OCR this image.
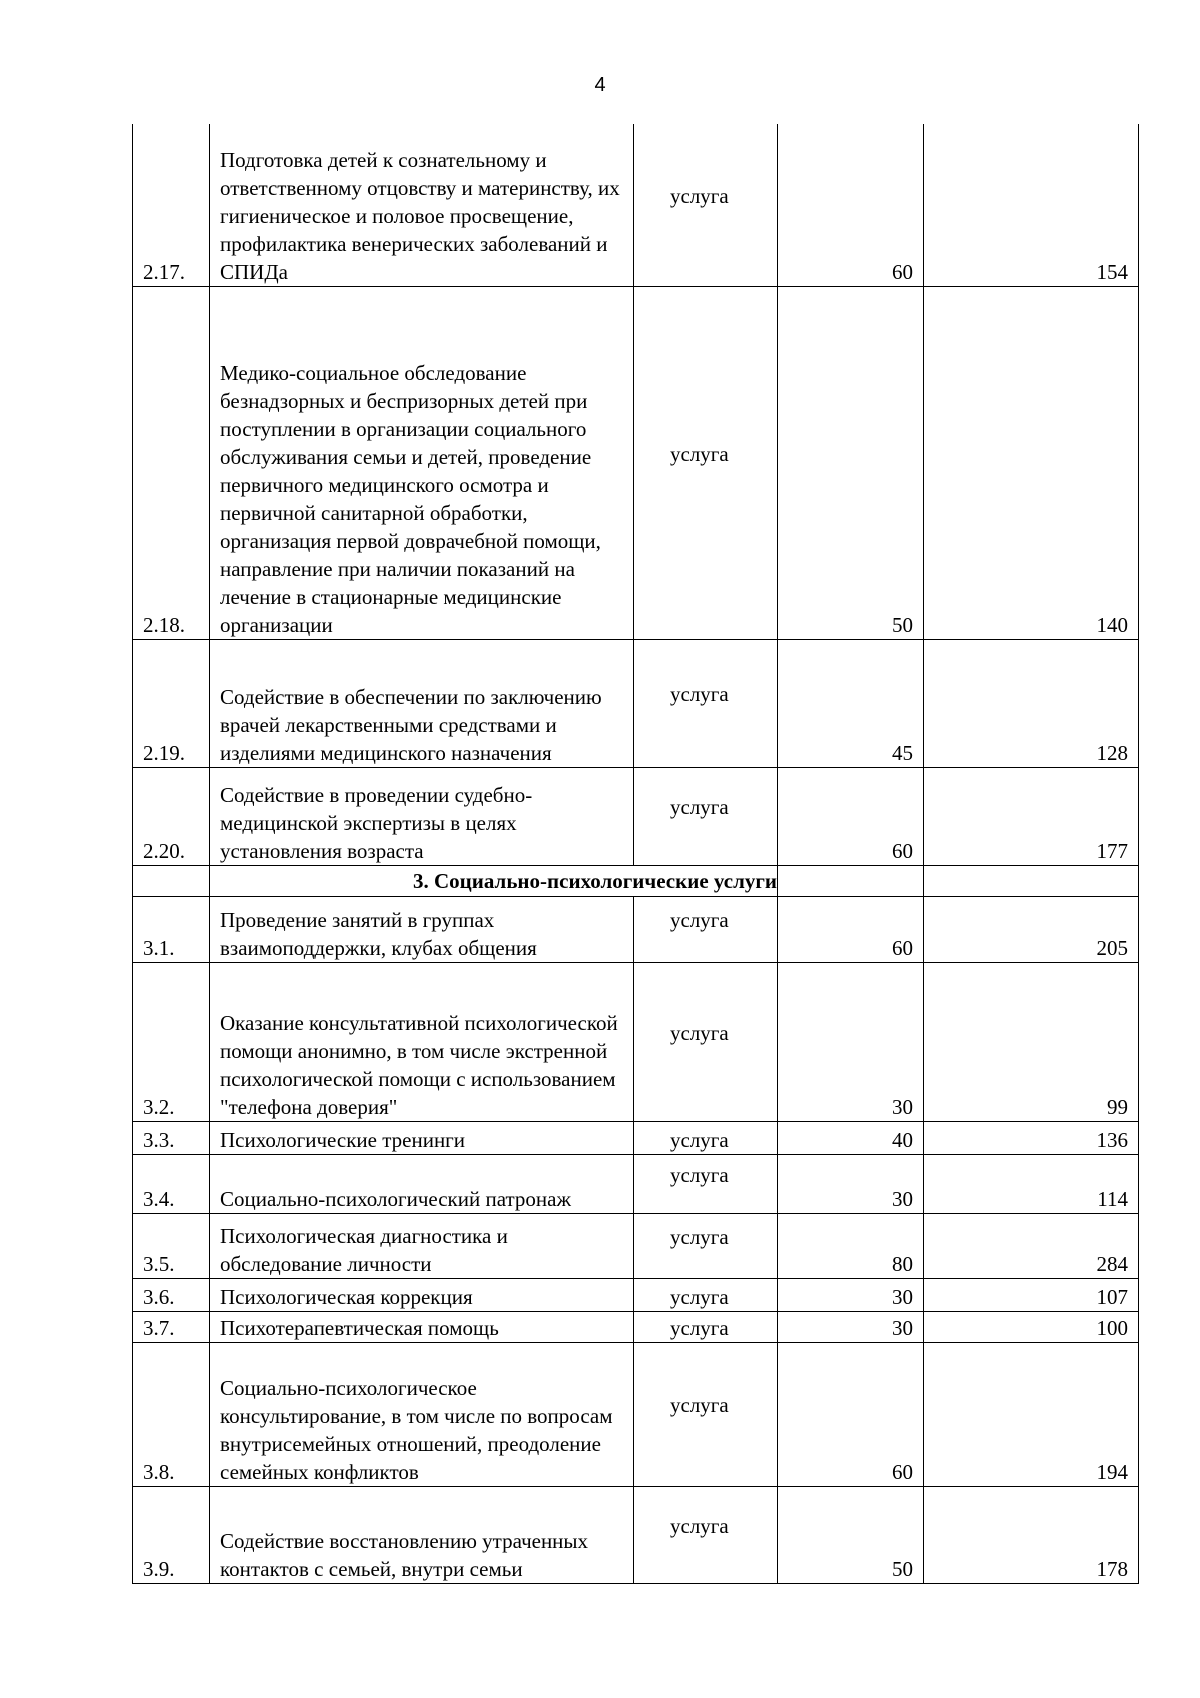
4
2.17.	Подготовка детей к сознательному и ответственному отцовству и материнству, их гигиеническое и половое просвещение, профилактика венерических заболеваний и СПИДа	услуга	60	154
2.18.	Медико-социальное обследование безнадзорных и беспризорных детей при поступлении в организации социального обслуживания семьи и детей, проведение первичного медицинского осмотра и первичной санитарной обработки, организация первой доврачебной помощи, направление при наличии показаний на лечение в стационарные медицинские организации	услуга	50	140
2.19.	Содействие в обеспечении по заключению врачей лекарственными средствами и изделиями медицинского назначения	услуга	45	128
2.20.	Содействие в проведении судебно-медицинской экспертизы в целях установления возраста	услуга	60	177
	3. Социально-психологические услуги			
3.1.	Проведение занятий в группах взаимоподдержки, клубах общения	услуга	60	205
3.2.	Оказание консультативной психологической помощи анонимно, в том числе экстренной психологической помощи с использованием "телефона доверия"	услуга	30	99
3.3.	Психологические тренинги	услуга	40	136
3.4.	Социально-психологический патронаж	услуга	30	114
3.5.	Психологическая диагностика и обследование личности	услуга	80	284
3.6.	Психологическая коррекция	услуга	30	107
3.7.	Психотерапевтическая помощь	услуга	30	100
3.8.	Социально-психологическое консультирование, в том числе по вопросам внутрисемейных отношений, преодоление семейных конфликтов	услуга	60	194
3.9.	Содействие восстановлению утраченных контактов с семьей, внутри семьи	услуга	50	178
